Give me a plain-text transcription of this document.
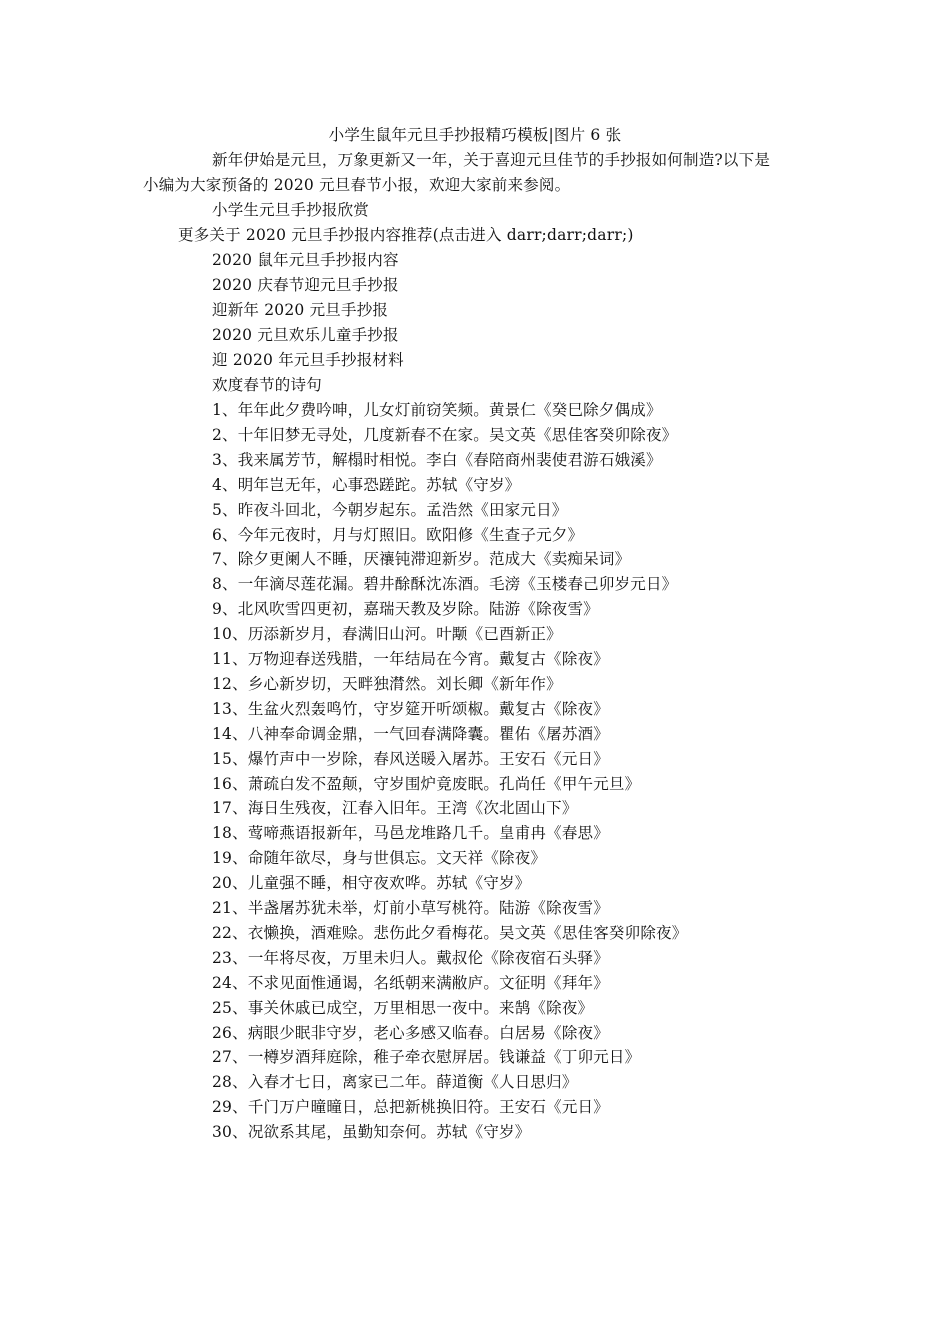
小学生鼠年元旦手抄报精巧模板|图片 6 张
新年伊始是元旦，万象更新又一年，关于喜迎元旦佳节的手抄报如何制造?以下是
小编为大家预备的 2020 元旦春节小报，欢迎大家前来参阅。
小学生元旦手抄报欣赏
更多关于 2020 元旦手抄报内容推荐(点击进入 darr;darr;darr;)
2020 鼠年元旦手抄报内容
2020 庆春节迎元旦手抄报
迎新年 2020 元旦手抄报
2020 元旦欢乐儿童手抄报
迎 2020 年元旦手抄报材料
欢度春节的诗句
1、年年此夕费吟呻，儿女灯前窃笑频。黄景仁《癸巳除夕偶成》
2、十年旧梦无寻处，几度新春不在家。吴文英《思佳客癸卯除夜》
3、我来属芳节，解榻时相悦。李白《春陪商州裴使君游石娥溪》
4、明年岂无年，心事恐蹉跎。苏轼《守岁》
5、昨夜斗回北，今朝岁起东。孟浩然《田家元日》
6、今年元夜时，月与灯照旧。欧阳修《生查子元夕》
7、除夕更阑人不睡，厌禳钝滞迎新岁。范成大《卖痴呆词》
8、一年滴尽莲花漏。碧井酴酥沈冻酒。毛滂《玉楼春己卯岁元日》
9、北风吹雪四更初，嘉瑞天教及岁除。陆游《除夜雪》
10、历添新岁月，春满旧山河。叶颙《已酉新正》
11、万物迎春送残腊，一年结局在今宵。戴复古《除夜》
12、乡心新岁切，天畔独潸然。刘长卿《新年作》
13、生盆火烈轰鸣竹，守岁筵开听颂椒。戴复古《除夜》
14、八神奉命调金鼎，一气回春满降囊。瞿佑《屠苏酒》
15、爆竹声中一岁除，春风送暖入屠苏。王安石《元日》
16、萧疏白发不盈颠，守岁围炉竟废眠。孔尚任《甲午元旦》
17、海日生残夜，江春入旧年。王湾《次北固山下》
18、莺啼燕语报新年，马邑龙堆路几千。皇甫冉《春思》
19、命随年欲尽，身与世俱忘。文天祥《除夜》
20、儿童强不睡，相守夜欢哗。苏轼《守岁》
21、半盏屠苏犹未举，灯前小草写桃符。陆游《除夜雪》
22、衣懒换，酒难赊。悲伤此夕看梅花。吴文英《思佳客癸卯除夜》
23、一年将尽夜，万里未归人。戴叔伦《除夜宿石头驿》
24、不求见面惟通谒，名纸朝来满敝庐。文征明《拜年》
25、事关休戚已成空，万里相思一夜中。来鹄《除夜》
26、病眼少眠非守岁，老心多感又临春。白居易《除夜》
27、一樽岁酒拜庭除，稚子牵衣慰屏居。钱谦益《丁卯元日》
28、入春才七日，离家已二年。薛道衡《人日思归》
29、千门万户曈曈日，总把新桃换旧符。王安石《元日》
30、况欲系其尾，虽勤知奈何。苏轼《守岁》
